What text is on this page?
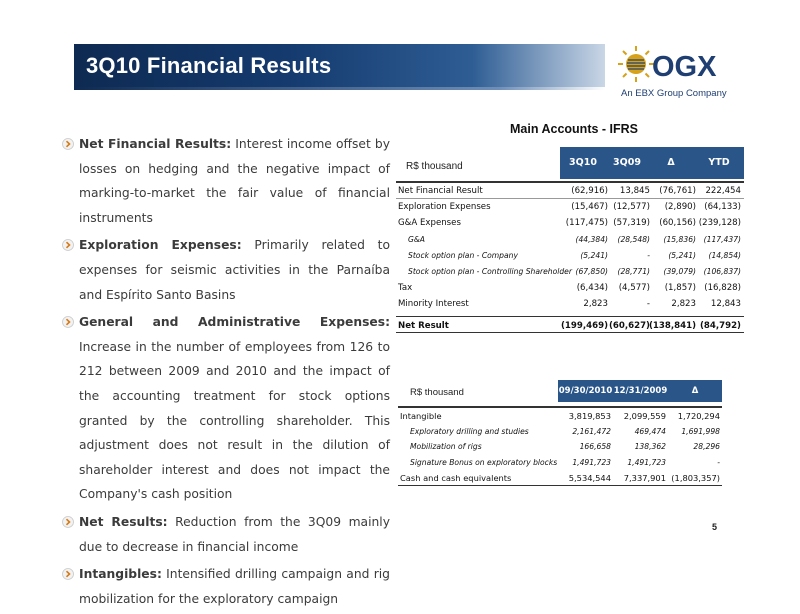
3Q10 Financial Results	OGX
An EBX Group Company
Net Financial Results: Interest income offset by losses on hedging and the negative impact of marking-to-market the fair value of financial instruments
Exploration Expenses: Primarily related to expenses for seismic activities in the Parnaíba and Espírito Santo Basins
General and Administrative Expenses: Increase in the number of employees from 126 to 212 between 2009 and 2010 and the impact of the accounting treatment for stock options granted by the controlling shareholder. This adjustment does not result in the dilution of shareholder interest and does not impact the Company's cash position
Net Results: Reduction from the 3Q09 mainly due to decrease in financial income
Intangibles: Intensified drilling campaign and rig mobilization for the exploratory campaign
Main Accounts - IFRS
R$ thousand	3Q10	3Q09	Δ	YTD
Net Financial Result	(62,916) 13,845 (76,761) 222,454
Exploration Expenses	(15,467) (12,577) (2,890) (64,133)
G&A Expenses	(117,475) (57,319) (60,156) (239,128)
G&A	(44,384) (28,548) (15,836) (117,437)
Stock option plan - Company	(5,241)	- (5,241) (14,854)
Stock option plan - Controlling Shareholder (67,850) (28,771) (39,079) (106,837)
Tax	(6,434) (4,577) (1,857) (16,828)
Minority Interest	2,823	- 2,823 12,843
Net Result	(199,469) (60,627) (138,841) (84,792)
R$ thousand	09/30/2010 12/31/2009	Δ
Intangible	3,819,853 2,099,559 1,720,294
Exploratory drilling and studies	2,161,472	469,474 1,691,998
Mobilization of rigs	166,658	138,362	28,296
Signature Bonus on exploratory blocks 1,491,723 1,491,723	-
Cash and cash equivalents	5,534,544 7,337,901 (1,803,357)
5
